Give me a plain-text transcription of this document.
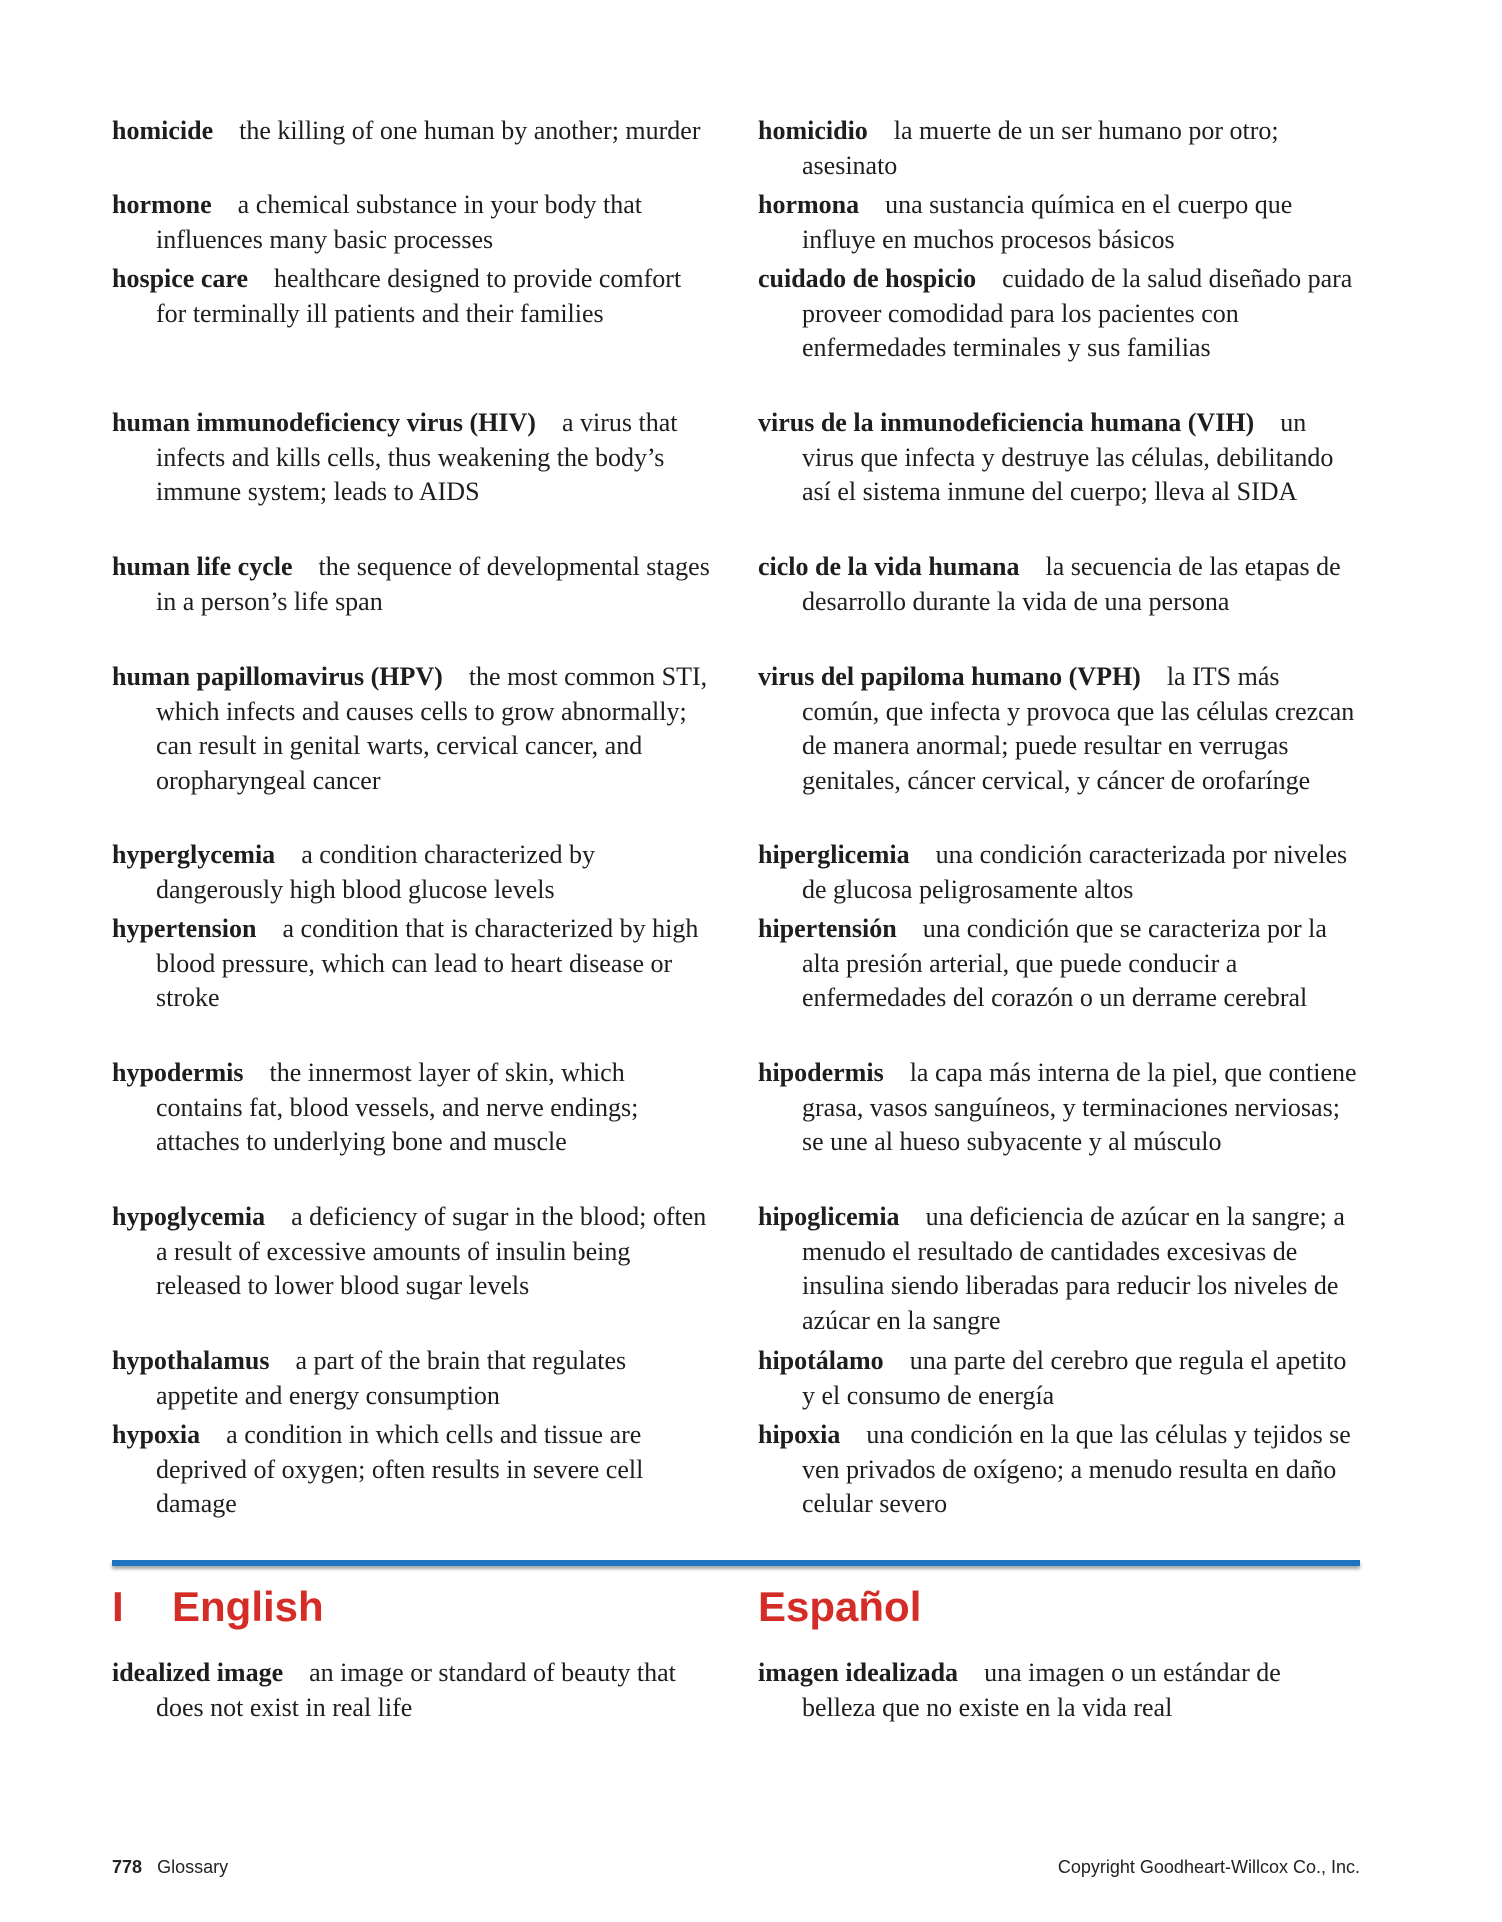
homicide the killing of one human by another; murder
hormone a chemical substance in your body that influences many basic processes
hospice care healthcare designed to provide comfort for terminally ill patients and their families
human immunodeficiency virus (HIV) a virus that infects and kills cells, thus weakening the body’s immune system; leads to AIDS
human life cycle the sequence of developmental stages in a person’s life span
human papillomavirus (HPV) the most common STI, which infects and causes cells to grow abnormally; can result in genital warts, cervical cancer, and oropharyngeal cancer
hyperglycemia a condition characterized by dangerously high blood glucose levels
hypertension a condition that is characterized by high blood pressure, which can lead to heart disease or stroke
hypodermis the innermost layer of skin, which contains fat, blood vessels, and nerve endings; attaches to underlying bone and muscle
hypoglycemia a deficiency of sugar in the blood; often a result of excessive amounts of insulin being released to lower blood sugar levels
hypothalamus a part of the brain that regulates appetite and energy consumption
hypoxia a condition in which cells and tissue are deprived of oxygen; often results in severe cell damage
homicidio la muerte de un ser humano por otro; asesinato
hormona una sustancia química en el cuerpo que influye en muchos procesos básicos
cuidado de hospicio cuidado de la salud diseñado para proveer comodidad para los pacientes con enfermedades terminales y sus familias
virus de la inmunodeficiencia humana (VIH) un virus que infecta y destruye las células, debilitando así el sistema inmune del cuerpo; lleva al SIDA
ciclo de la vida humana la secuencia de las etapas de desarrollo durante la vida de una persona
virus del papiloma humano (VPH) la ITS más común, que infecta y provoca que las células crezcan de manera anormal; puede resultar en verrugas genitales, cáncer cervical, y cáncer de orofarínge
hiperglicemia una condición caracterizada por niveles de glucosa peligrosamente altos
hipertensión una condición que se caracteriza por la alta presión arterial, que puede conducir a enfermedades del corazón o un derrame cerebral
hipodermis la capa más interna de la piel, que contiene grasa, vasos sanguíneos, y terminaciones nerviosas; se une al hueso subyacente y al músculo
hipoglicemia una deficiencia de azúcar en la sangre; a menudo el resultado de cantidades excesivas de insulina siendo liberadas para reducir los niveles de azúcar en la sangre
hipotálamo una parte del cerebro que regula el apetito y el consumo de energía
hipoxia una condición en la que las células y tejidos se ven privados de oxígeno; a menudo resulta en daño celular severo
I English	Español
idealized image an image or standard of beauty that does not exist in real life
imagen idealizada una imagen o un estándar de belleza que no existe en la vida real
778 Glossary	Copyright Goodheart-Willcox Co., Inc.
